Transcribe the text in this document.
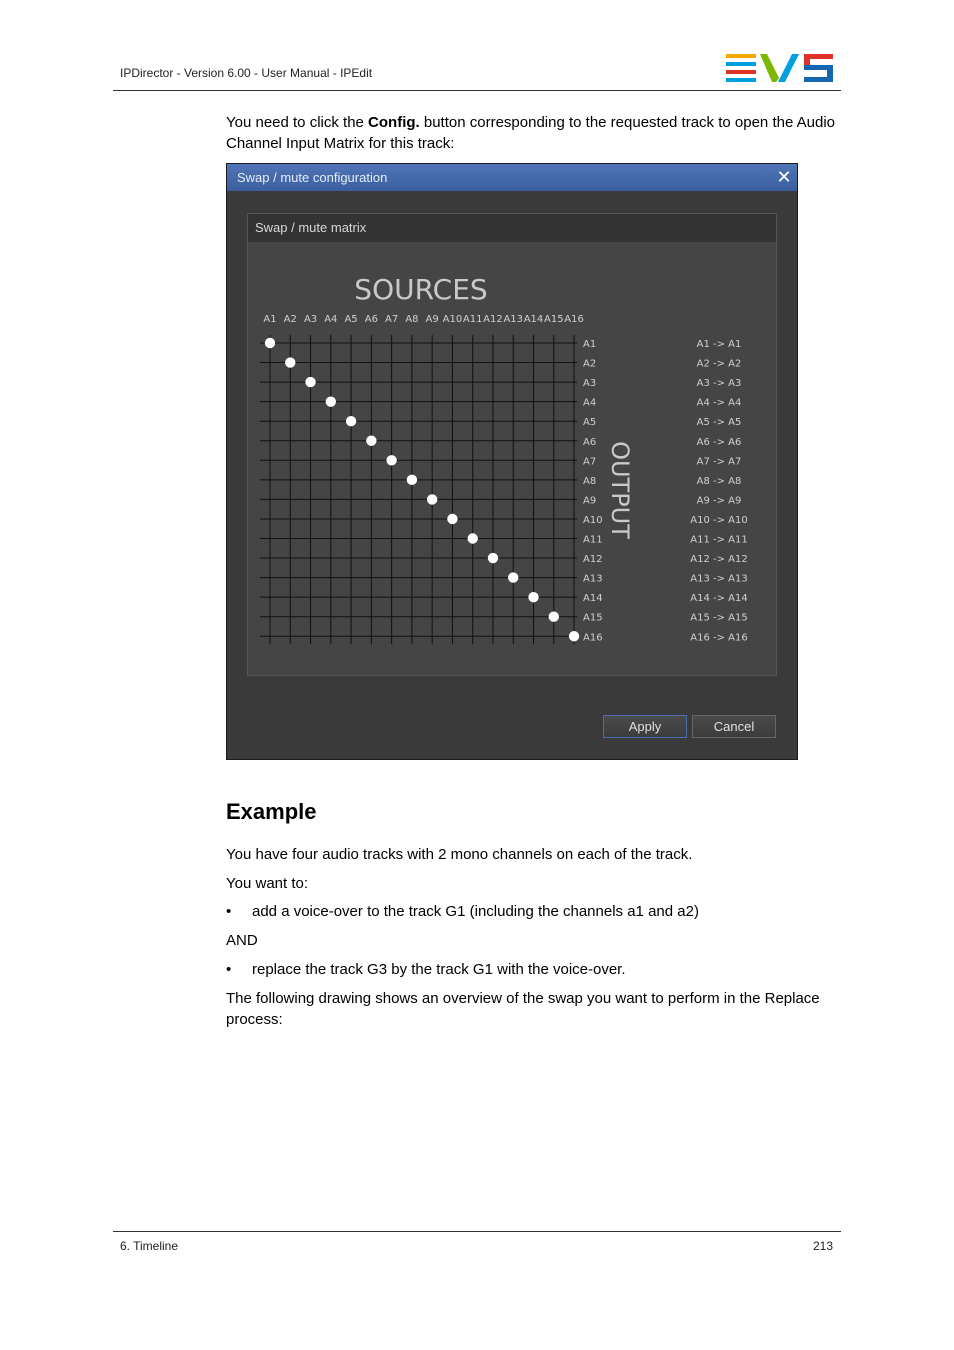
IPDirector - Version 6.00 - User Manual - IPEdit
You need to click the Config. button corresponding to the requested track to open the Audio Channel Input Matrix for this track:
Swap / mute configuration	✕
Swap / mute matrix
SOURCES
OUTPUT
A1 A2 A3 A4 A5 A6 A7 A8 A9 A10 A11 A12 A13 A14 A15 A16
A1
A2
A3
A4
A5
A6
A7
A8
A9
A10
A11
A12
A13
A14
A15
A16
A1 -> A1
A2 -> A2
A3 -> A3
A4 -> A4
A5 -> A5
A6 -> A6
A7 -> A7
A8 -> A8
A9 -> A9
A10 -> A10
A11 -> A11
A12 -> A12
A13 -> A13
A14 -> A14
A15 -> A15
A16 -> A16
Apply	Cancel
Example
You have four audio tracks with 2 mono channels on each of the track.
You want to:
• add a voice-over to the track G1 (including the channels a1 and a2)
AND
• replace the track G3 by the track G1 with the voice-over.
The following drawing shows an overview of the swap you want to perform in the Replace process:
6. Timeline	213
